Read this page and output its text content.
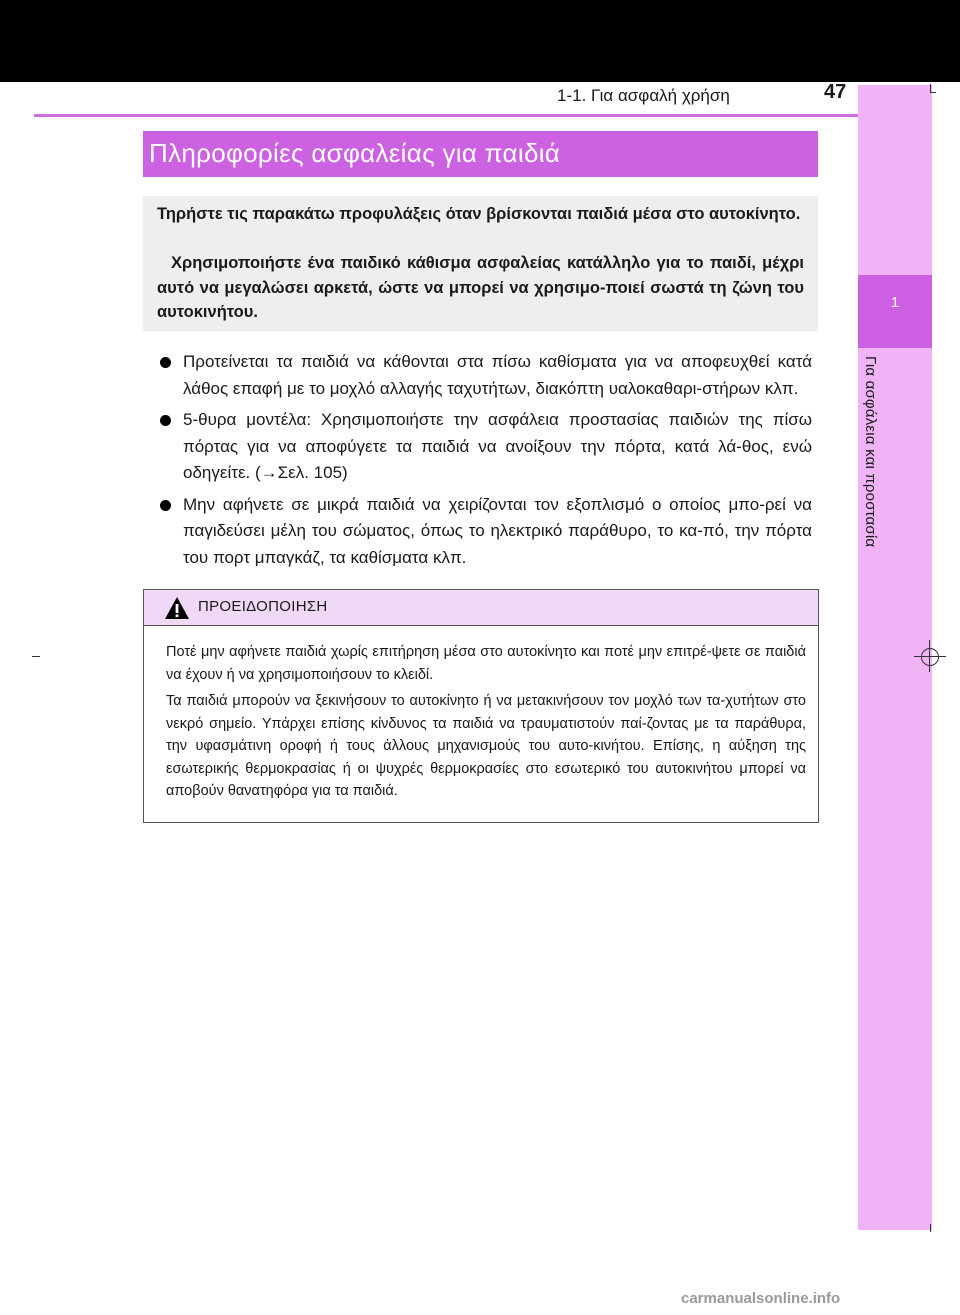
1-1. Για ασφαλή χρήση	47
1
Για ασφάλεια και προστασία
Πληροφορίες ασφαλείας για παιδιά

Τηρήστε τις παρακάτω προφυλάξεις όταν βρίσκονται παιδιά μέσα στο αυτοκίνητο.

Χρησιμοποιήστε ένα παιδικό κάθισμα ασφαλείας κατάλληλο για το παιδί, μέχρι αυτό να μεγαλώσει αρκετά, ώστε να μπορεί να χρησιμο-ποιεί σωστά τη ζώνη του αυτοκινήτου.

Προτείνεται τα παιδιά να κάθονται στα πίσω καθίσματα για να αποφευχθεί κατά λάθος επαφή με το μοχλό αλλαγής ταχυτήτων, διακόπτη υαλοκαθαρι-στήρων κλπ.
5-θυρα μοντέλα: Χρησιμοποιήστε την ασφάλεια προστασίας παιδιών της πίσω πόρτας για να αποφύγετε τα παιδιά να ανοίξουν την πόρτα, κατά λά-θος, ενώ οδηγείτε. (→Σελ. 105)
Μην αφήνετε σε μικρά παιδιά να χειρίζονται τον εξοπλισμό ο οποίος μπο-ρεί να παγιδεύσει μέλη του σώματος, όπως το ηλεκτρικό παράθυρο, το κα-πό, την πόρτα του πορτ μπαγκάζ, τα καθίσματα κλπ.
ΠΡΟΕΙΔΟΠΟΙΗΣΗ

Ποτέ μην αφήνετε παιδιά χωρίς επιτήρηση μέσα στο αυτοκίνητο και ποτέ μην επιτρέ-ψετε σε παιδιά να έχουν ή να χρησιμοποιήσουν το κλειδί.

Τα παιδιά μπορούν να ξεκινήσουν το αυτοκίνητο ή να μετακινήσουν τον μοχλό των τα-χυτήτων στο νεκρό σημείο. Υπάρχει επίσης κίνδυνος τα παιδιά να τραυματιστούν παί-ζοντας με τα παράθυρα, την υφασμάτινη οροφή ή τους άλλους μηχανισμούς του αυτο-κινήτου. Επίσης, η αύξηση της εσωτερικής θερμοκρασίας ή οι ψυχρές θερμοκρασίες στο εσωτερικό του αυτοκινήτου μπορεί να αποβούν θανατηφόρα για τα παιδιά.

carmanualsonline.info
